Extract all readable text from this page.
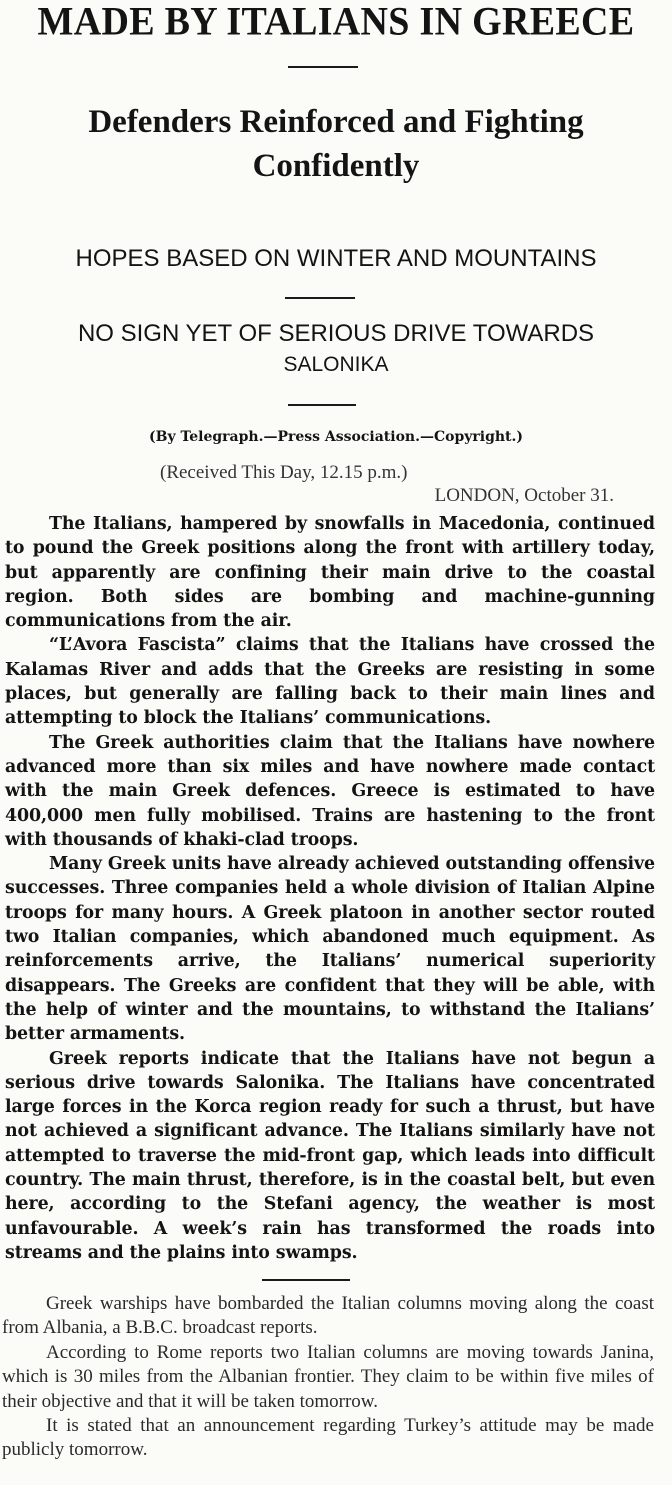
MADE BY ITALIANS IN GREECE
Defenders Reinforced and Fighting Confidently
HOPES BASED ON WINTER AND MOUNTAINS
NO SIGN YET OF SERIOUS DRIVE TOWARDS
SALONIKA
(By Telegraph.—Press Association.—Copyright.)
(Received This Day, 12.15 p.m.)
LONDON, October 31.

The Italians, hampered by snowfalls in Macedonia, continued to pound the Greek positions along the front with artillery today, but apparently are confining their main drive to the coastal region. Both sides are bombing and machine-gunning communications from the air.

“L’Avora Fascista” claims that the Italians have crossed the Kalamas River and adds that the Greeks are resisting in some places, but generally are falling back to their main lines and attempting to block the Italians’ communications.

The Greek authorities claim that the Italians have nowhere advanced more than six miles and have nowhere made contact with the main Greek defences. Greece is estimated to have 400,000 men fully mobilised. Trains are hastening to the front with thousands of khaki-clad troops.

Many Greek units have already achieved outstanding offensive successes. Three companies held a whole division of Italian Alpine troops for many hours. A Greek platoon in another sector routed two Italian companies, which abandoned much equipment. As reinforcements arrive, the Italians’ numerical superiority disappears. The Greeks are confident that they will be able, with the help of winter and the mountains, to withstand the Italians’ better armaments.

Greek reports indicate that the Italians have not begun a serious drive towards Salonika. The Italians have concentrated large forces in the Korca region ready for such a thrust, but have not achieved a significant advance. The Italians similarly have not attempted to traverse the mid-front gap, which leads into difficult country. The main thrust, therefore, is in the coastal belt, but even here, according to the Stefani agency, the weather is most unfavourable. A week’s rain has transformed the roads into streams and the plains into swamps.

Greek warships have bombarded the Italian columns moving along the coast from Albania, a B.B.C. broadcast reports.

According to Rome reports two Italian columns are moving towards Janina, which is 30 miles from the Albanian frontier. They claim to be within five miles of their objective and that it will be taken tomorrow.

It is stated that an announcement regarding Turkey’s attitude may be made publicly tomorrow.
